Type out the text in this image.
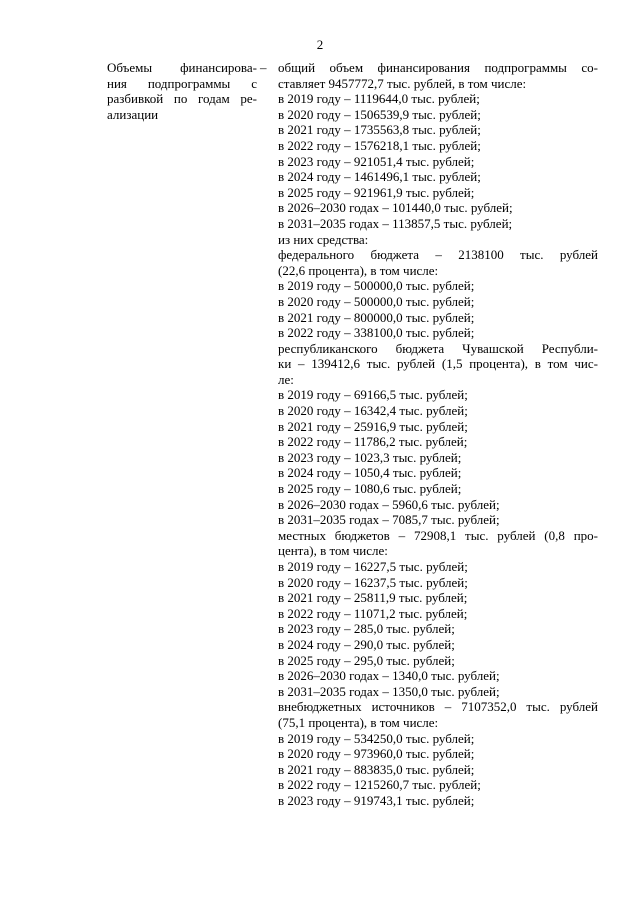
2
Объемы финансирова-
ния подпрограммы с
разбивкой по годам ре-
ализации
– общий объем финансирования подпрограммы со-
ставляет 9457772,7 тыс. рублей, в том числе:
в 2019 году – 1119644,0 тыс. рублей;
в 2020 году – 1506539,9 тыс. рублей;
в 2021 году – 1735563,8 тыс. рублей;
в 2022 году – 1576218,1 тыс. рублей;
в 2023 году – 921051,4 тыс. рублей;
в 2024 году – 1461496,1 тыс. рублей;
в 2025 году – 921961,9 тыс. рублей;
в 2026–2030 годах – 101440,0 тыс. рублей;
в 2031–2035 годах – 113857,5 тыс. рублей;
из них средства:
федерального бюджета – 2138100 тыс. рублей
(22,6 процента), в том числе:
в 2019 году – 500000,0 тыс. рублей;
в 2020 году – 500000,0 тыс. рублей;
в 2021 году – 800000,0 тыс. рублей;
в 2022 году – 338100,0 тыс. рублей;
республиканского бюджета Чувашской Республи-
ки – 139412,6 тыс. рублей (1,5 процента), в том чис-
ле:
в 2019 году – 69166,5 тыс. рублей;
в 2020 году – 16342,4 тыс. рублей;
в 2021 году – 25916,9 тыс. рублей;
в 2022 году – 11786,2 тыс. рублей;
в 2023 году – 1023,3 тыс. рублей;
в 2024 году – 1050,4 тыс. рублей;
в 2025 году – 1080,6 тыс. рублей;
в 2026–2030 годах – 5960,6 тыс. рублей;
в 2031–2035 годах – 7085,7 тыс. рублей;
местных бюджетов – 72908,1 тыс. рублей (0,8 про-
цента), в том числе:
в 2019 году – 16227,5 тыс. рублей;
в 2020 году – 16237,5 тыс. рублей;
в 2021 году – 25811,9 тыс. рублей;
в 2022 году – 11071,2 тыс. рублей;
в 2023 году – 285,0 тыс. рублей;
в 2024 году – 290,0 тыс. рублей;
в 2025 году – 295,0 тыс. рублей;
в 2026–2030 годах – 1340,0 тыс. рублей;
в 2031–2035 годах – 1350,0 тыс. рублей;
внебюджетных источников – 7107352,0 тыс. рублей
(75,1 процента), в том числе:
в 2019 году – 534250,0 тыс. рублей;
в 2020 году – 973960,0 тыс. рублей;
в 2021 году – 883835,0 тыс. рублей;
в 2022 году – 1215260,7 тыс. рублей;
в 2023 году – 919743,1 тыс. рублей;
